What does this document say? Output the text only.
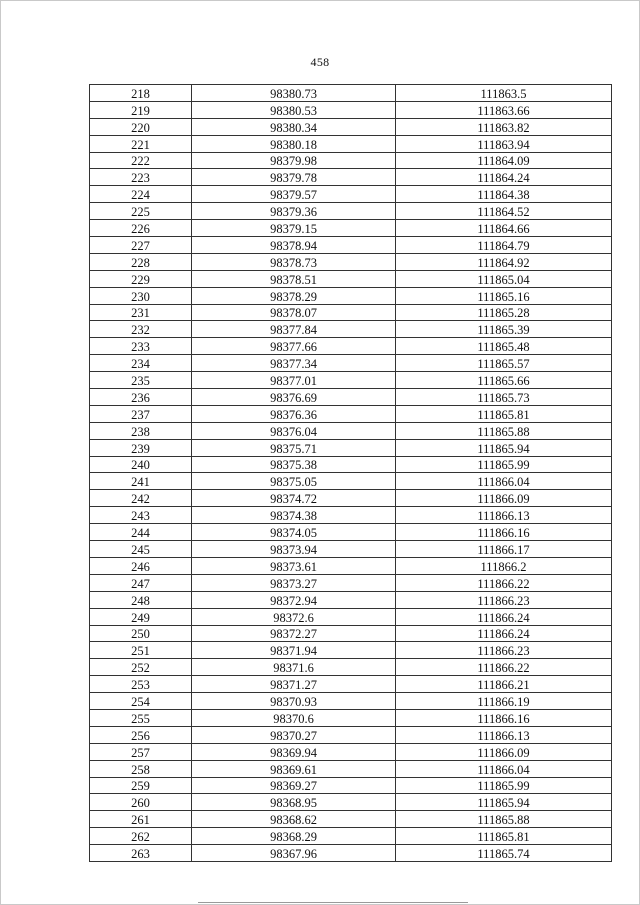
458
218	98380.73	111863.5
219	98380.53	111863.66
220	98380.34	111863.82
221	98380.18	111863.94
222	98379.98	111864.09
223	98379.78	111864.24
224	98379.57	111864.38
225	98379.36	111864.52
226	98379.15	111864.66
227	98378.94	111864.79
228	98378.73	111864.92
229	98378.51	111865.04
230	98378.29	111865.16
231	98378.07	111865.28
232	98377.84	111865.39
233	98377.66	111865.48
234	98377.34	111865.57
235	98377.01	111865.66
236	98376.69	111865.73
237	98376.36	111865.81
238	98376.04	111865.88
239	98375.71	111865.94
240	98375.38	111865.99
241	98375.05	111866.04
242	98374.72	111866.09
243	98374.38	111866.13
244	98374.05	111866.16
245	98373.94	111866.17
246	98373.61	111866.2
247	98373.27	111866.22
248	98372.94	111866.23
249	98372.6	111866.24
250	98372.27	111866.24
251	98371.94	111866.23
252	98371.6	111866.22
253	98371.27	111866.21
254	98370.93	111866.19
255	98370.6	111866.16
256	98370.27	111866.13
257	98369.94	111866.09
258	98369.61	111866.04
259	98369.27	111865.99
260	98368.95	111865.94
261	98368.62	111865.88
262	98368.29	111865.81
263	98367.96	111865.74
